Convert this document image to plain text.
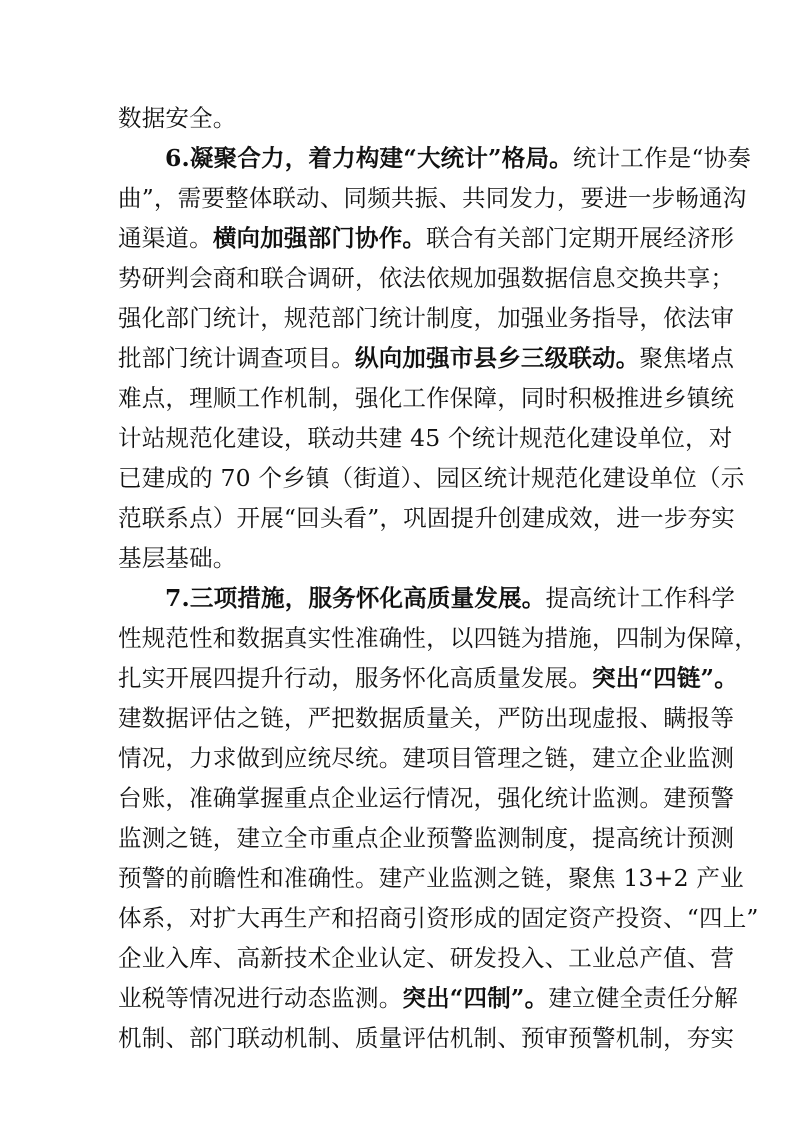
数据安全。
6.凝聚合力，着力构建“大统计”格局。统计工作是“协奏
曲”，需要整体联动、同频共振、共同发力，要进一步畅通沟
通渠道。横向加强部门协作。联合有关部门定期开展经济形
势研判会商和联合调研，依法依规加强数据信息交换共享；
强化部门统计，规范部门统计制度，加强业务指导，依法审
批部门统计调查项目。纵向加强市县乡三级联动。聚焦堵点
难点，理顺工作机制，强化工作保障，同时积极推进乡镇统
计站规范化建设，联动共建 45 个统计规范化建设单位，对
已建成的 70 个乡镇（街道）、园区统计规范化建设单位（示
范联系点）开展“回头看”，巩固提升创建成效，进一步夯实
基层基础。
7.三项措施，服务怀化高质量发展。提高统计工作科学
性规范性和数据真实性准确性，以四链为措施，四制为保障，
扎实开展四提升行动，服务怀化高质量发展。突出“四链”。
建数据评估之链，严把数据质量关，严防出现虚报、瞒报等
情况，力求做到应统尽统。建项目管理之链，建立企业监测
台账，准确掌握重点企业运行情况，强化统计监测。建预警
监测之链，建立全市重点企业预警监测制度，提高统计预测
预警的前瞻性和准确性。建产业监测之链，聚焦 13+2 产业
体系，对扩大再生产和招商引资形成的固定资产投资、“四上”
企业入库、高新技术企业认定、研发投入、工业总产值、营
业税等情况进行动态监测。突出“四制”。建立健全责任分解
机制、部门联动机制、质量评估机制、预审预警机制，夯实
